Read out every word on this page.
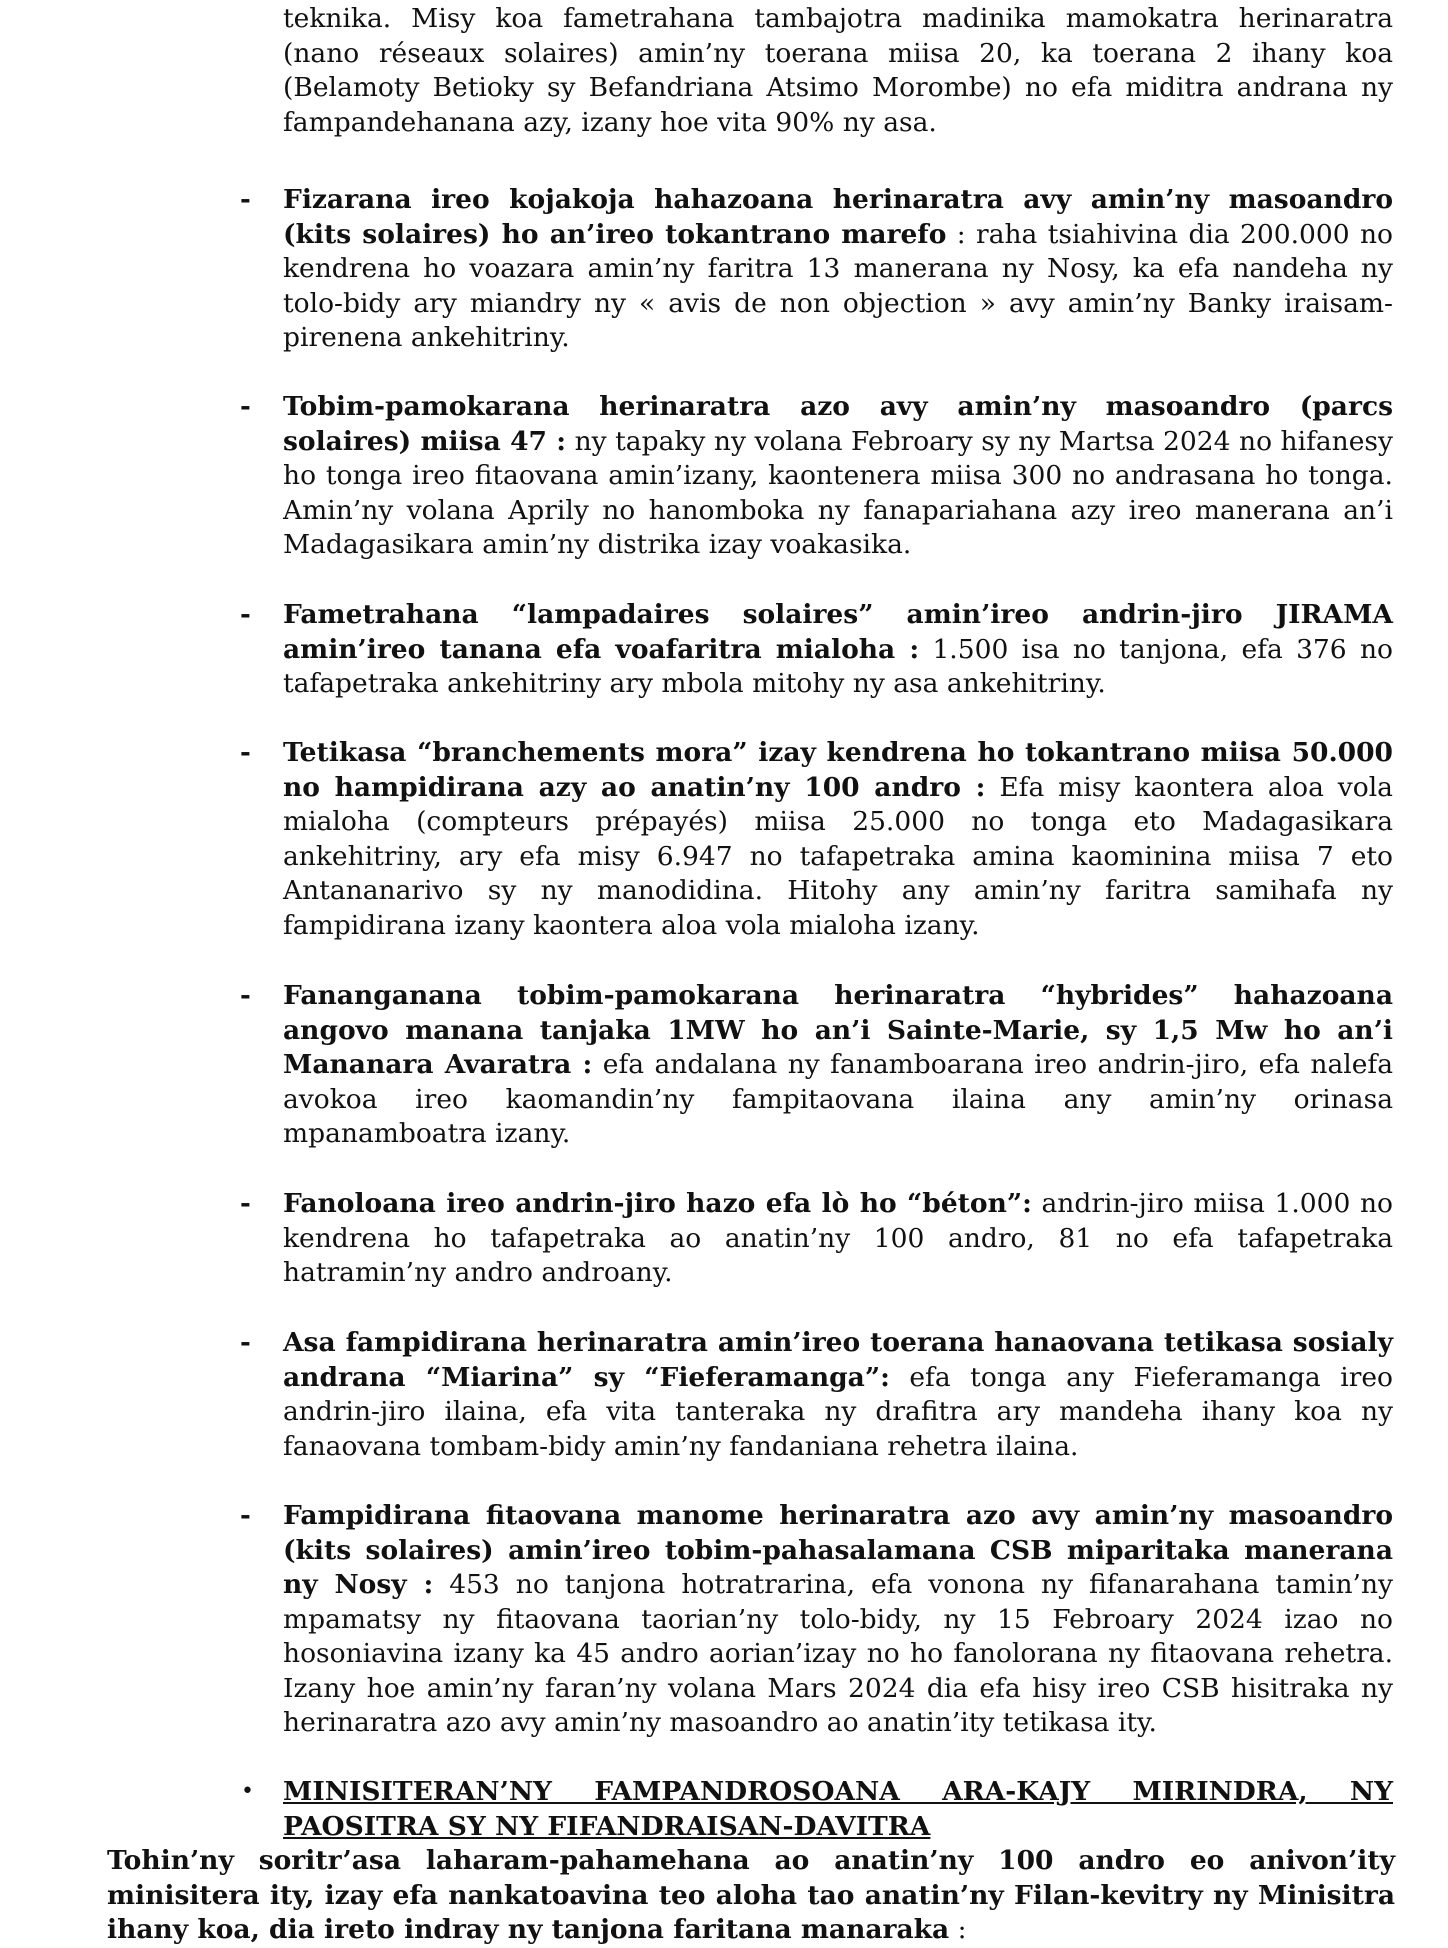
teknika. Misy koa fametrahana tambajotra madinika mamokatra herinaratra (nano réseaux solaires) amin’ny toerana miisa 20, ka toerana 2 ihany koa (Belamoty Betioky sy Befandriana Atsimo Morombe) no efa miditra andrana ny fampandehanana azy, izany hoe vita 90% ny asa.

- Fizarana ireo kojakoja hahazoana herinaratra avy amin’ny masoandro (kits solaires) ho an’ireo tokantrano marefo : raha tsiahivina dia 200.000 no kendrena ho voazara amin’ny faritra 13 manerana ny Nosy, ka efa nandeha ny tolo-bidy ary miandry ny « avis de non objection » avy amin’ny Banky iraisam-pirenena ankehitriny.

- Tobim-pamokarana herinaratra azo avy amin’ny masoandro (parcs solaires) miisa 47 : ny tapaky ny volana Febroary sy ny Martsa 2024 no hifanesy ho tonga ireo fitaovana amin’izany, kaontenera miisa 300 no andrasana ho tonga. Amin’ny volana Aprily no hanomboka ny fanapariahana azy ireo manerana an’i Madagasikara amin’ny distrika izay voakasika.

- Fametrahana “lampadaires solaires” amin’ireo andrin-jiro JIRAMA amin’ireo tanana efa voafaritra mialoha : 1.500 isa no tanjona, efa 376 no tafapetraka ankehitriny ary mbola mitohy ny asa ankehitriny.

- Tetikasa “branchements mora” izay kendrena ho tokantrano miisa 50.000 no hampidirana azy ao anatin’ny 100 andro : Efa misy kaontera aloa vola mialoha (compteurs prépayés) miisa 25.000 no tonga eto Madagasikara ankehitriny, ary efa misy 6.947 no tafapetraka amina kaominina miisa 7 eto Antananarivo sy ny manodidina. Hitohy any amin’ny faritra samihafa ny fampidirana izany kaontera aloa vola mialoha izany.

- Fananganana tobim-pamokarana herinaratra “hybrides” hahazoana angovo manana tanjaka 1MW ho an’i Sainte-Marie, sy 1,5 Mw ho an’i Mananara Avaratra : efa andalana ny fanamboarana ireo andrin-jiro, efa nalefa avokoa ireo kaomandin’ny fampitaovana ilaina any amin’ny orinasa mpanamboatra izany.

- Fanoloana ireo andrin-jiro hazo efa lò ho “béton”: andrin-jiro miisa 1.000 no kendrena ho tafapetraka ao anatin’ny 100 andro, 81 no efa tafapetraka hatramin’ny andro androany.

- Asa fampidirana herinaratra amin’ireo toerana hanaovana tetikasa sosialy andrana “Miarina” sy “Fieferamanga”: efa tonga any Fieferamanga ireo andrin-jiro ilaina, efa vita tanteraka ny drafitra ary mandeha ihany koa ny fanaovana tombam-bidy amin’ny fandaniana rehetra ilaina.

- Fampidirana fitaovana manome herinaratra azo avy amin’ny masoandro (kits solaires) amin’ireo tobim-pahasalamana CSB miparitaka manerana ny Nosy : 453 no tanjona hotratrarina, efa vonona ny fifanarahana tamin’ny mpamatsy ny fitaovana taorian’ny tolo-bidy, ny 15 Febroary 2024 izao no hosoniavina izany ka 45 andro aorian’izay no ho fanolorana ny fitaovana rehetra. Izany hoe amin’ny faran’ny volana Mars 2024 dia efa hisy ireo CSB hisitraka ny herinaratra azo avy amin’ny masoandro ao anatin’ity tetikasa ity.

• MINISITERAN’NY FAMPANDROSOANA ARA-KAJY MIRINDRA, NY PAOSITRA SY NY FIFANDRAISAN-DAVITRA

Tohin’ny soritr’asa laharam-pahamehana ao anatin’ny 100 andro eo anivon’ity minisitera ity, izay efa nankatoavina teo aloha tao anatin’ny Filan-kevitry ny Minisitra ihany koa, dia ireto indray ny tanjona faritana manaraka :
